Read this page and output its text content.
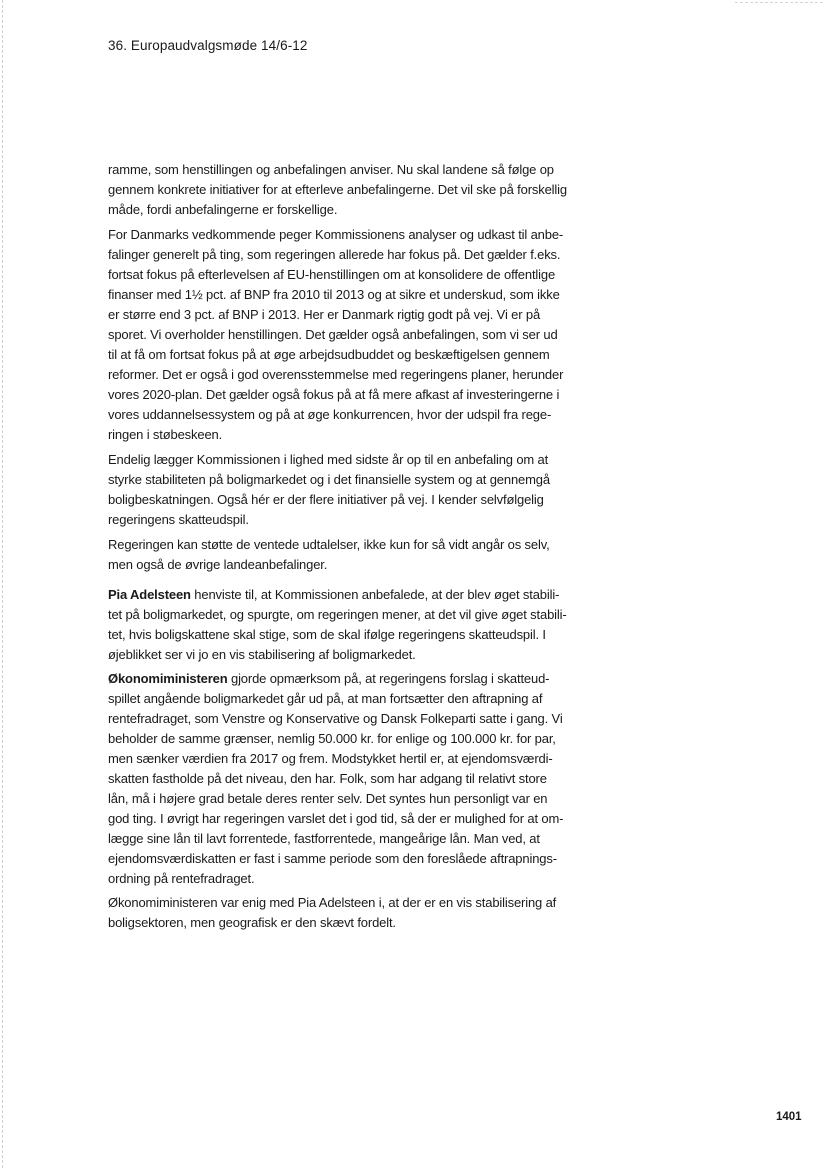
36. Europaudvalgsmøde 14/6-12

ramme, som henstillingen og anbefalingen anviser. Nu skal landene så følge op
gennem konkrete initiativer for at efterleve anbefalingerne. Det vil ske på forskellig
måde, fordi anbefalingerne er forskellige.

For Danmarks vedkommende peger Kommissionens analyser og udkast til anbe-
falinger generelt på ting, som regeringen allerede har fokus på. Det gælder f.eks.
fortsat fokus på efterlevelsen af EU-henstillingen om at konsolidere de offentlige
finanser med 1½ pct. af BNP fra 2010 til 2013 og at sikre et underskud, som ikke
er større end 3 pct. af BNP i 2013. Her er Danmark rigtig godt på vej. Vi er på
sporet. Vi overholder henstillingen. Det gælder også anbefalingen, som vi ser ud
til at få om fortsat fokus på at øge arbejdsudbuddet og beskæftigelsen gennem
reformer. Det er også i god overensstemmelse med regeringens planer, herunder
vores 2020-plan. Det gælder også fokus på at få mere afkast af investeringerne i
vores uddannelsessystem og på at øge konkurrencen, hvor der udspil fra rege-
ringen i støbeskeen.

Endelig lægger Kommissionen i lighed med sidste år op til en anbefaling om at
styrke stabiliteten på boligmarkedet og i det finansielle system og at gennemgå
boligbeskatningen. Også hér er der flere initiativer på vej. I kender selvfølgelig
regeringens skatteudspil.

Regeringen kan støtte de ventede udtalelser, ikke kun for så vidt angår os selv,
men også de øvrige landeanbefalinger.

Pia Adelsteen henviste til, at Kommissionen anbefalede, at der blev øget stabili-
tet på boligmarkedet, og spurgte, om regeringen mener, at det vil give øget stabili-
tet, hvis boligskattene skal stige, som de skal ifølge regeringens skatteudspil. I
øjeblikket ser vi jo en vis stabilisering af boligmarkedet.

Økonomiministeren gjorde opmærksom på, at regeringens forslag i skatteud-
spillet angående boligmarkedet går ud på, at man fortsætter den aftrapning af
rentefradraget, som Venstre og Konservative og Dansk Folkeparti satte i gang. Vi
beholder de samme grænser, nemlig 50.000 kr. for enlige og 100.000 kr. for par,
men sænker værdien fra 2017 og frem. Modstykket hertil er, at ejendomsværdi-
skatten fastholde på det niveau, den har. Folk, som har adgang til relativt store
lån, må i højere grad betale deres renter selv. Det syntes hun personligt var en
god ting. I øvrigt har regeringen varslet det i god tid, så der er mulighed for at om-
lægge sine lån til lavt forrentede, fastforrentede, mangeårige lån. Man ved, at
ejendomsværdiskatten er fast i samme periode som den foreslåede aftrapnings-
ordning på rentefradraget.

Økonomiministeren var enig med Pia Adelsteen i, at der er en vis stabilisering af
boligsektoren, men geografisk er den skævt fordelt.

1401
